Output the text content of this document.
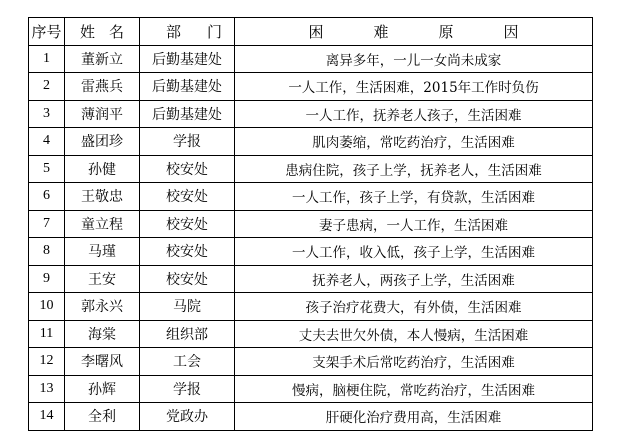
序号	姓名	部门	困难原因
1	董新立	后勤基建处	离异多年，一儿一女尚未成家
2	雷燕兵	后勤基建处	一人工作，生活困难，2015年工作时负伤
3	薄润平	后勤基建处	一人工作，抚养老人孩子，生活困难
4	盛团珍	学报	肌肉萎缩，常吃药治疗，生活困难
5	孙健	校安处	患病住院，孩子上学，抚养老人，生活困难
6	王敬忠	校安处	一人工作，孩子上学，有贷款，生活困难
7	童立程	校安处	妻子患病，一人工作，生活困难
8	马瑾	校安处	一人工作，收入低，孩子上学，生活困难
9	王安	校安处	抚养老人，两孩子上学，生活困难
10	郭永兴	马院	孩子治疗花费大，有外债，生活困难
11	海棠	组织部	丈夫去世欠外债，本人慢病，生活困难
12	李曙风	工会	支架手术后常吃药治疗，生活困难
13	孙辉	学报	慢病，脑梗住院，常吃药治疗，生活困难
14	全利	党政办	肝硬化治疗费用高，生活困难
